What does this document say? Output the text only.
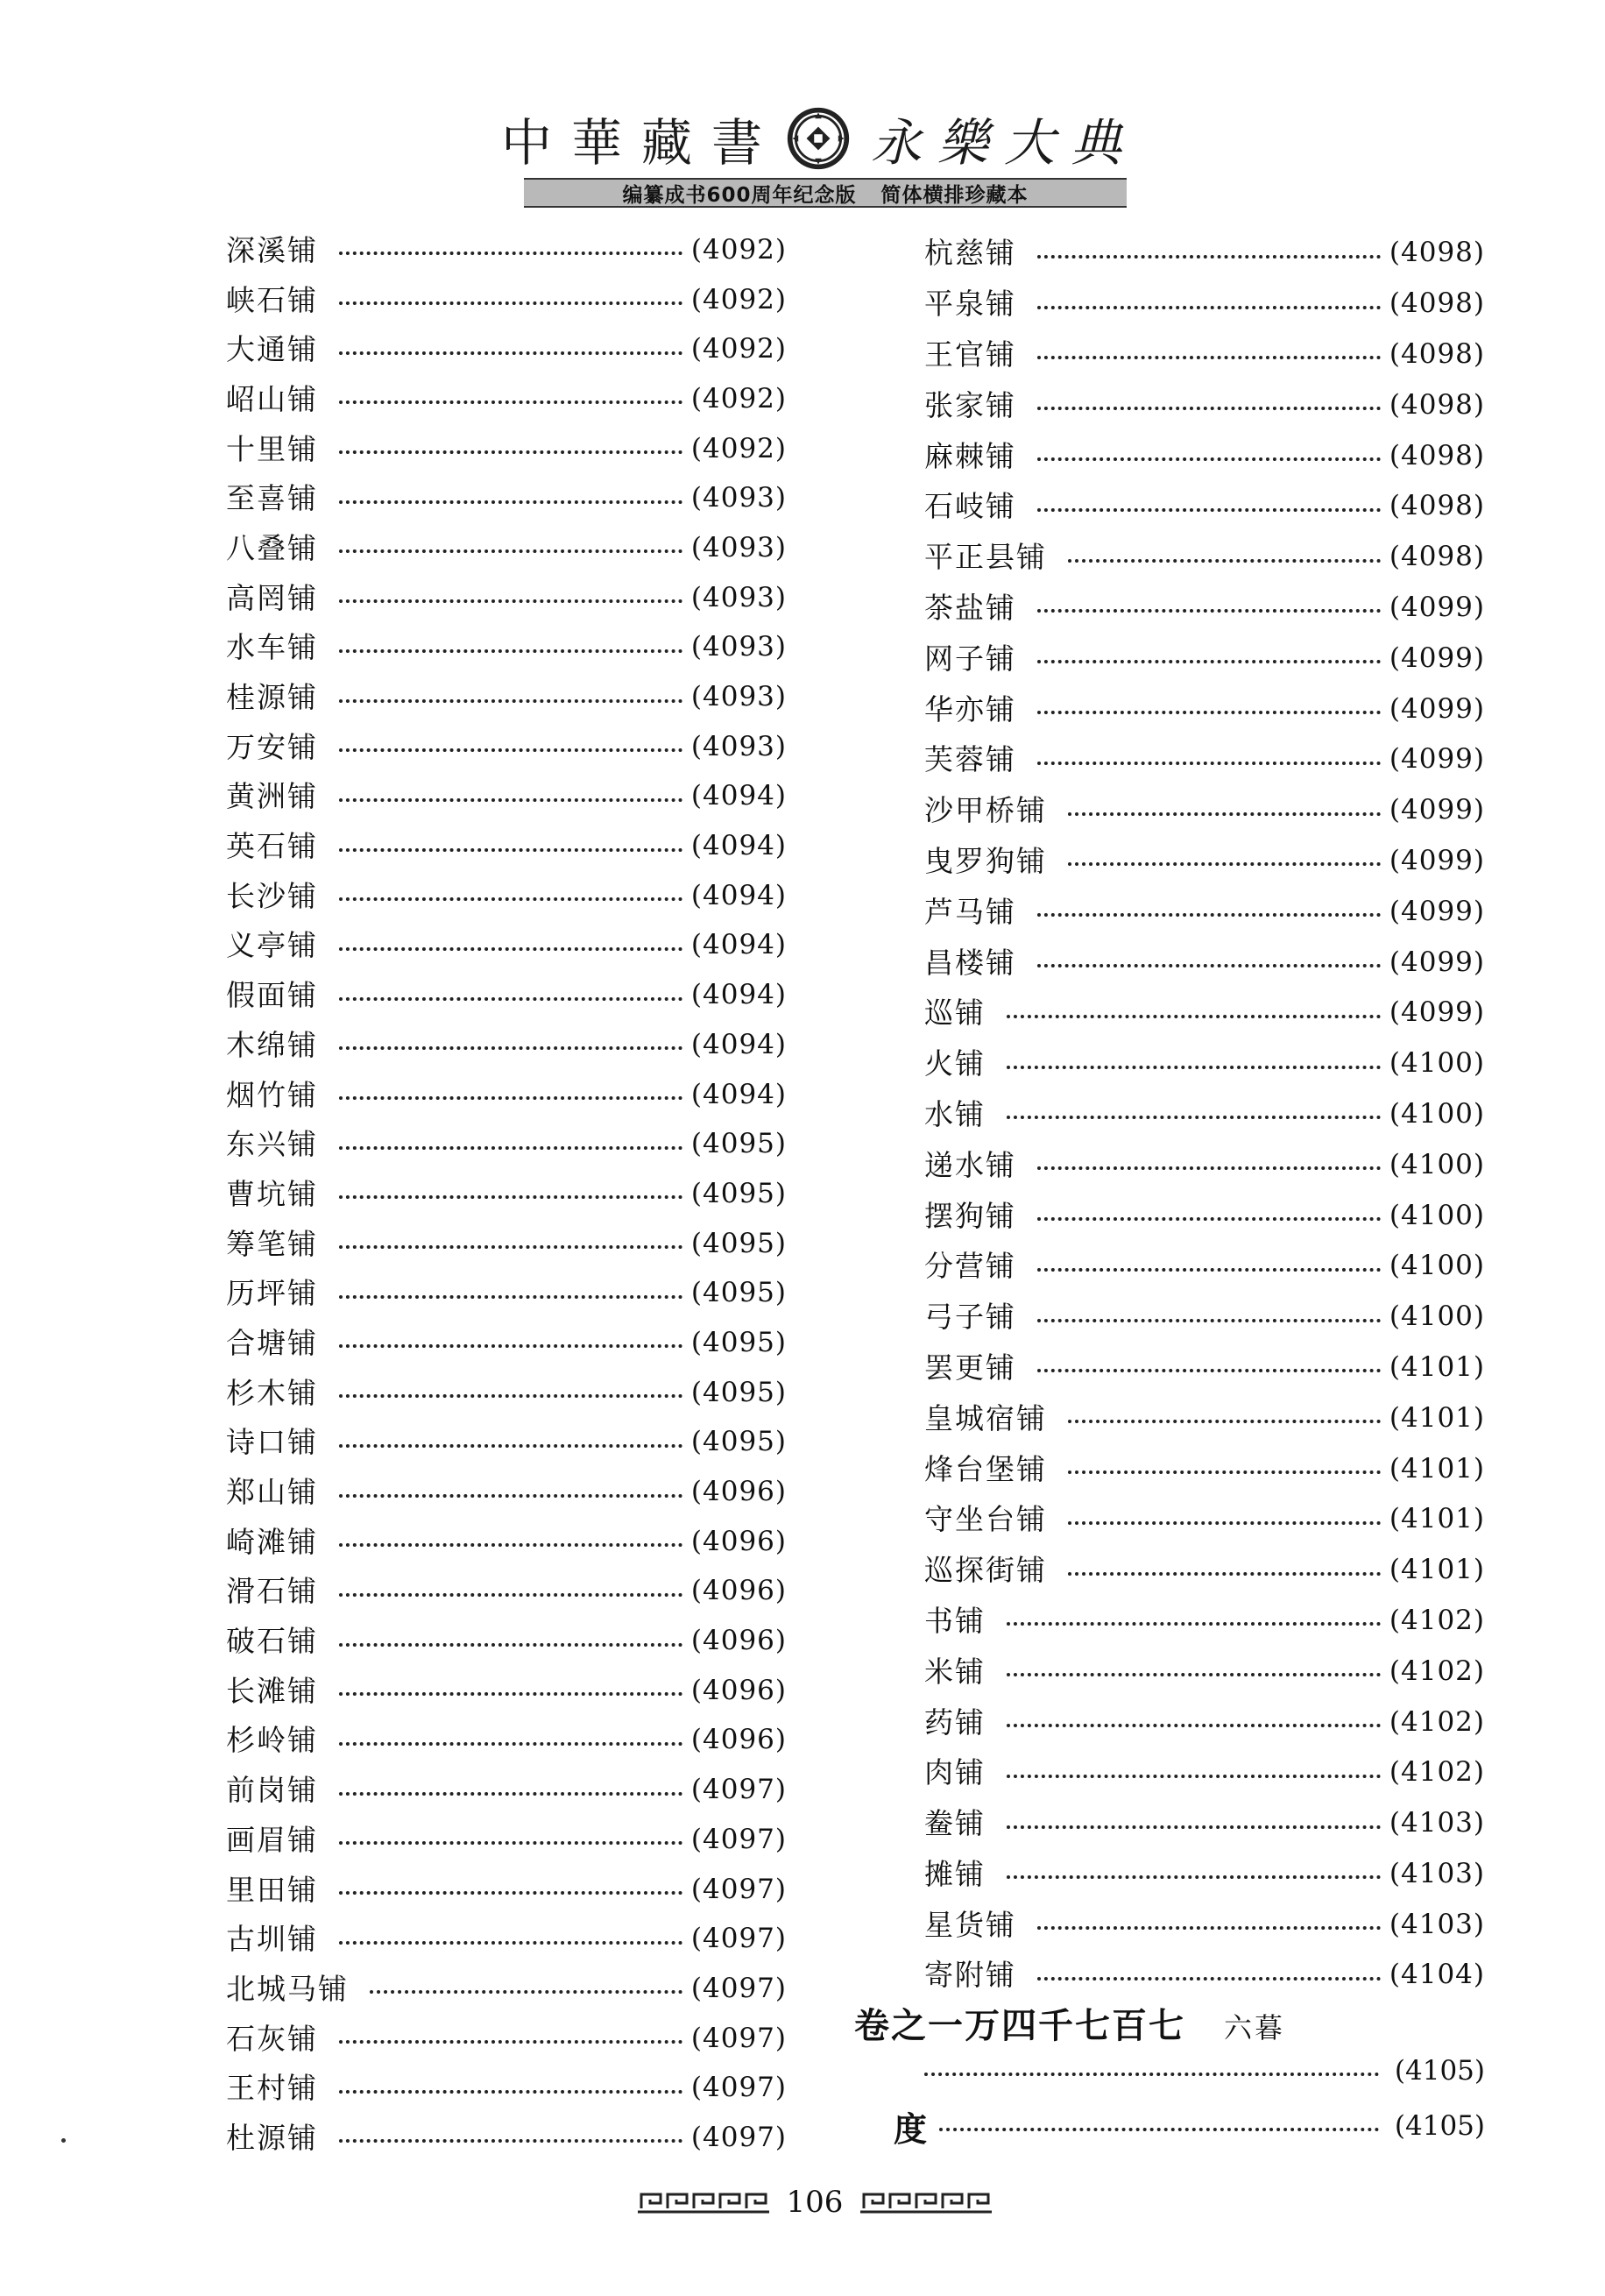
中華藏書 永樂大典
编纂成书600周年纪念版 简体横排珍藏本
深溪铺	(4092)
峡石铺	(4092)
大通铺	(4092)
岹山铺	(4092)
十里铺	(4092)
至喜铺	(4093)
八叠铺	(4093)
高罔铺	(4093)
水车铺	(4093)
桂源铺	(4093)
万安铺	(4093)
黄洲铺	(4094)
英石铺	(4094)
长沙铺	(4094)
义亭铺	(4094)
假面铺	(4094)
木绵铺	(4094)
烟竹铺	(4094)
东兴铺	(4095)
曹坑铺	(4095)
筹笔铺	(4095)
历坪铺	(4095)
合塘铺	(4095)
杉木铺	(4095)
诗口铺	(4095)
郑山铺	(4096)
崎滩铺	(4096)
滑石铺	(4096)
破石铺	(4096)
长滩铺	(4096)
杉岭铺	(4096)
前岗铺	(4097)
画眉铺	(4097)
里田铺	(4097)
古圳铺	(4097)
北城马铺	(4097)
石灰铺	(4097)
王村铺	(4097)
杜源铺	(4097)
杭慈铺	(4098)
平泉铺	(4098)
王官铺	(4098)
张家铺	(4098)
麻棘铺	(4098)
石岐铺	(4098)
平正县铺	(4098)
茶盐铺	(4099)
网子铺	(4099)
华亦铺	(4099)
芙蓉铺	(4099)
沙甲桥铺	(4099)
曳罗狗铺	(4099)
芦马铺	(4099)
昌楼铺	(4099)
巡铺	(4099)
火铺	(4100)
水铺	(4100)
递水铺	(4100)
摆狗铺	(4100)
分营铺	(4100)
弓子铺	(4100)
罢更铺	(4101)
皇城宿铺	(4101)
烽台堡铺	(4101)
守坐台铺	(4101)
巡探街铺	(4101)
书铺	(4102)
米铺	(4102)
药铺	(4102)
肉铺	(4102)
鲞铺	(4103)
摊铺	(4103)
星货铺	(4103)
寄附铺	(4104)
卷之一万四千七百七 六暮
(4105)
度	(4105)
106
